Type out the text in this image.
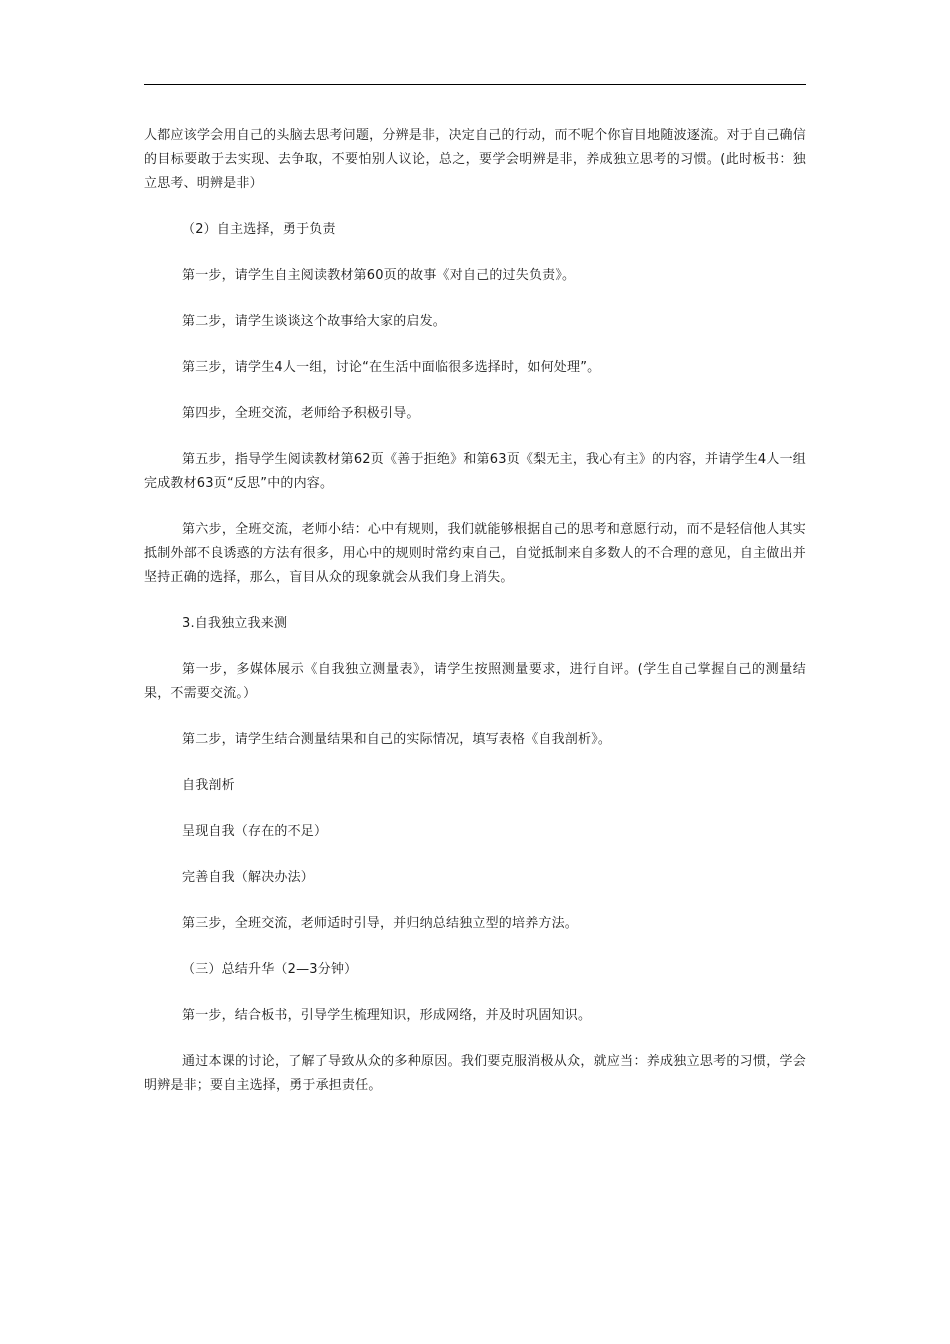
人都应该学会用自己的头脑去思考问题，分辨是非，决定自己的行动，而不呢个你盲目地随波逐流。对于自己确信的目标要敢于去实现、去争取，不要怕别人议论，总之，要学会明辨是非，养成独立思考的习惯。(此时板书：独立思考、明辨是非）

（2）自主选择，勇于负责

第一步，请学生自主阅读教材第60页的故事《对自己的过失负责》。

第二步，请学生谈谈这个故事给大家的启发。

第三步，请学生4人一组，讨论“在生活中面临很多选择时，如何处理”。

第四步，全班交流，老师给予积极引导。

第五步，指导学生阅读教材第62页《善于拒绝》和第63页《梨无主，我心有主》的内容，并请学生4人一组完成教材63页“反思”中的内容。

第六步，全班交流，老师小结：心中有规则，我们就能够根据自己的思考和意愿行动，而不是轻信他人其实抵制外部不良诱惑的方法有很多，用心中的规则时常约束自己，自觉抵制来自多数人的不合理的意见，自主做出并坚持正确的选择，那么，盲目从众的现象就会从我们身上消失。

3.自我独立我来测

第一步，多媒体展示《自我独立测量表》，请学生按照测量要求，进行自评。(学生自己掌握自己的测量结果，不需要交流。）

第二步，请学生结合测量结果和自己的实际情况，填写表格《自我剖析》。

自我剖析

呈现自我（存在的不足）

完善自我（解决办法）

第三步，全班交流，老师适时引导，并归纳总结独立型的培养方法。

（三）总结升华（2—3分钟）

第一步，结合板书，引导学生梳理知识，形成网络，并及时巩固知识。

通过本课的讨论，了解了导致从众的多种原因。我们要克服消极从众，就应当：养成独立思考的习惯，学会明辨是非；要自主选择，勇于承担责任。
